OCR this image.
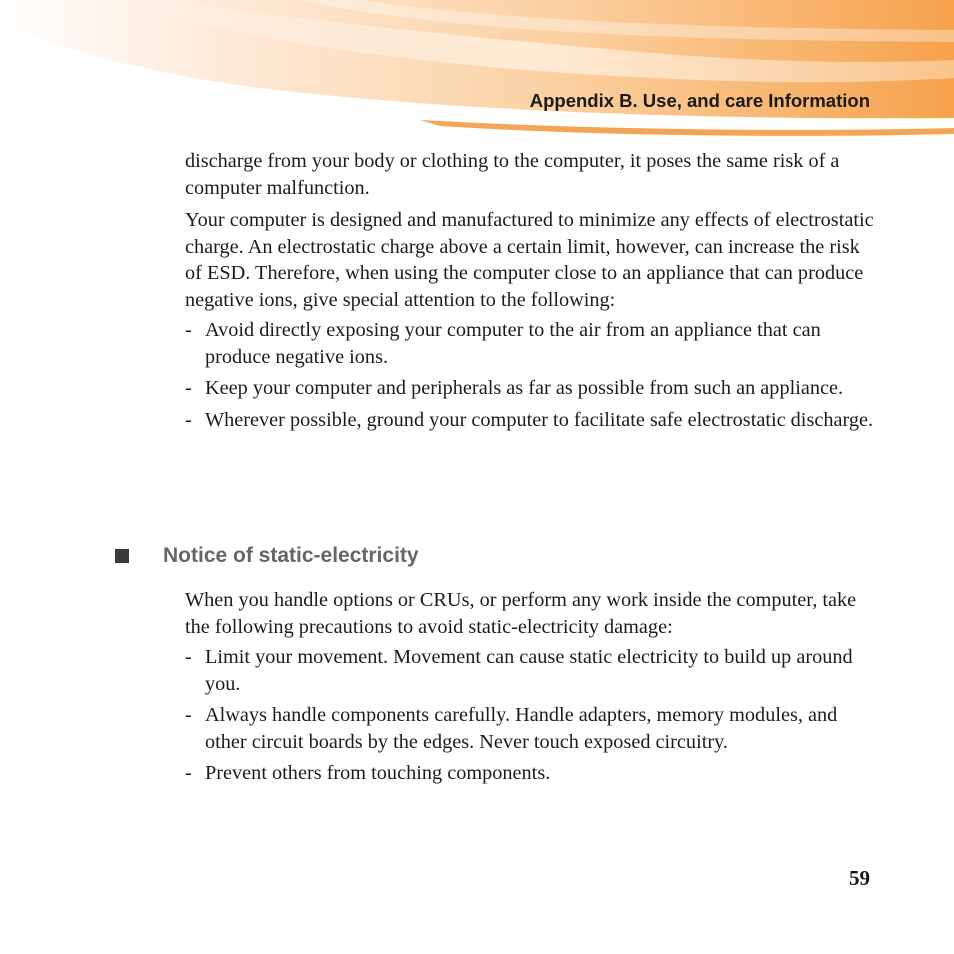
Appendix B. Use, and care Information

discharge from your body or clothing to the computer, it poses the same risk of a computer malfunction.

Your computer is designed and manufactured to minimize any effects of electrostatic charge. An electrostatic charge above a certain limit, however, can increase the risk of ESD. Therefore, when using the computer close to an appliance that can produce negative ions, give special attention to the following:

- Avoid directly exposing your computer to the air from an appliance that can produce negative ions.

- Keep your computer and peripherals as far as possible from such an appliance.

- Wherever possible, ground your computer to facilitate safe electrostatic discharge.

Notice of static-electricity

When you handle options or CRUs, or perform any work inside the computer, take the following precautions to avoid static-electricity damage:

- Limit your movement. Movement can cause static electricity to build up around you.

- Always handle components carefully. Handle adapters, memory modules, and other circuit boards by the edges. Never touch exposed circuitry.

- Prevent others from touching components.

59
